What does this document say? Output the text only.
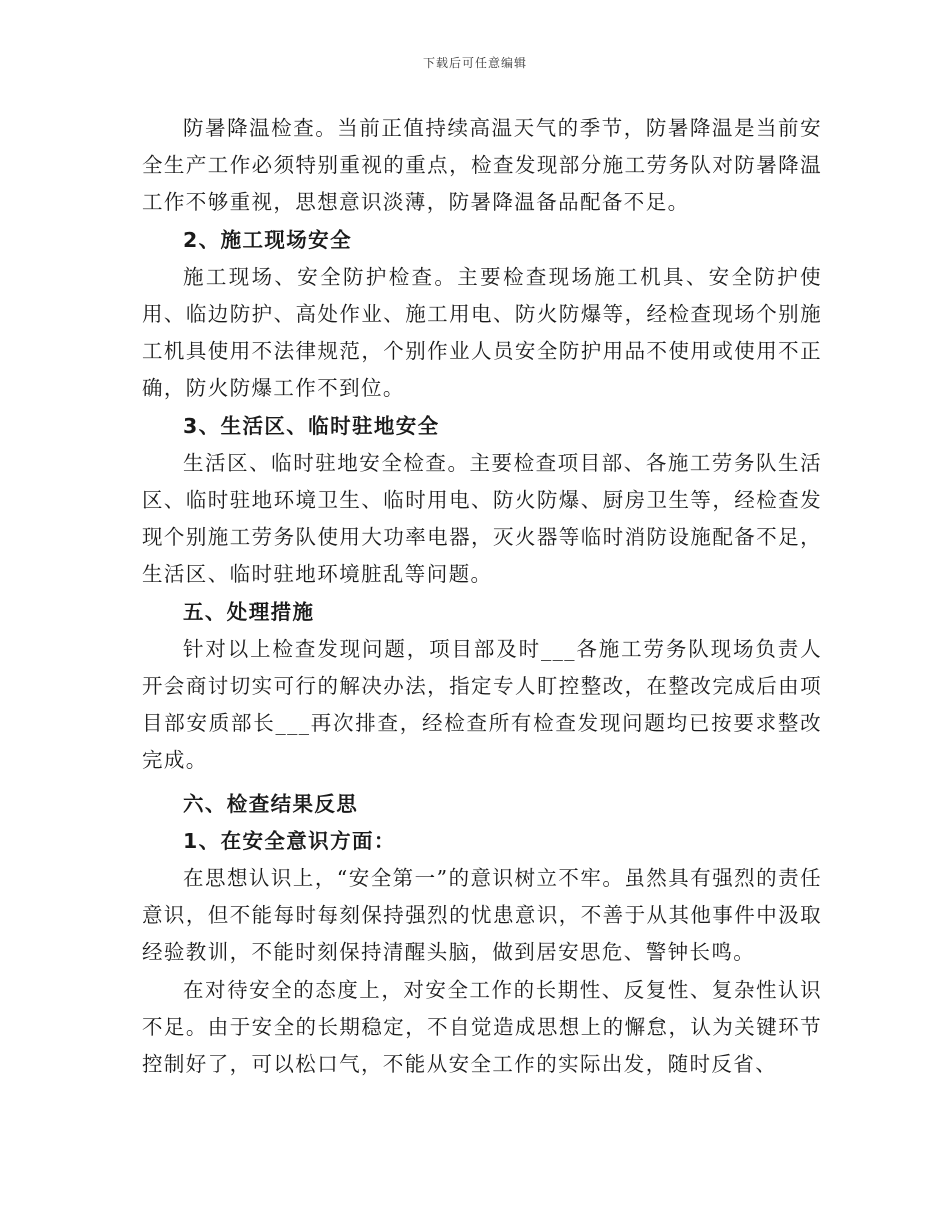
下载后可任意编辑

防暑降温检查。当前正值持续高温天气的季节，防暑降温是当前安全生产工作必须特别重视的重点，检查发现部分施工劳务队对防暑降温工作不够重视，思想意识淡薄，防暑降温备品配备不足。

2、施工现场安全

施工现场、安全防护检查。主要检查现场施工机具、安全防护使用、临边防护、高处作业、施工用电、防火防爆等，经检查现场个别施工机具使用不法律规范，个别作业人员安全防护用品不使用或使用不正确，防火防爆工作不到位。

3、生活区、临时驻地安全

生活区、临时驻地安全检查。主要检查项目部、各施工劳务队生活区、临时驻地环境卫生、临时用电、防火防爆、厨房卫生等，经检查发现个别施工劳务队使用大功率电器，灭火器等临时消防设施配备不足，生活区、临时驻地环境脏乱等问题。

五、处理措施

针对以上检查发现问题，项目部及时___各施工劳务队现场负责人开会商讨切实可行的解决办法，指定专人盯控整改，在整改完成后由项目部安质部长___再次排查，经检查所有检查发现问题均已按要求整改完成。

六、检查结果反思

1、在安全意识方面：

在思想认识上，“安全第一”的意识树立不牢。虽然具有强烈的责任意识，但不能每时每刻保持强烈的忧患意识，不善于从其他事件中汲取经验教训，不能时刻保持清醒头脑，做到居安思危、警钟长鸣。

在对待安全的态度上，对安全工作的长期性、反复性、复杂性认识不足。由于安全的长期稳定，不自觉造成思想上的懈怠，认为关键环节控制好了，可以松口气，不能从安全工作的实际出发，随时反省、
